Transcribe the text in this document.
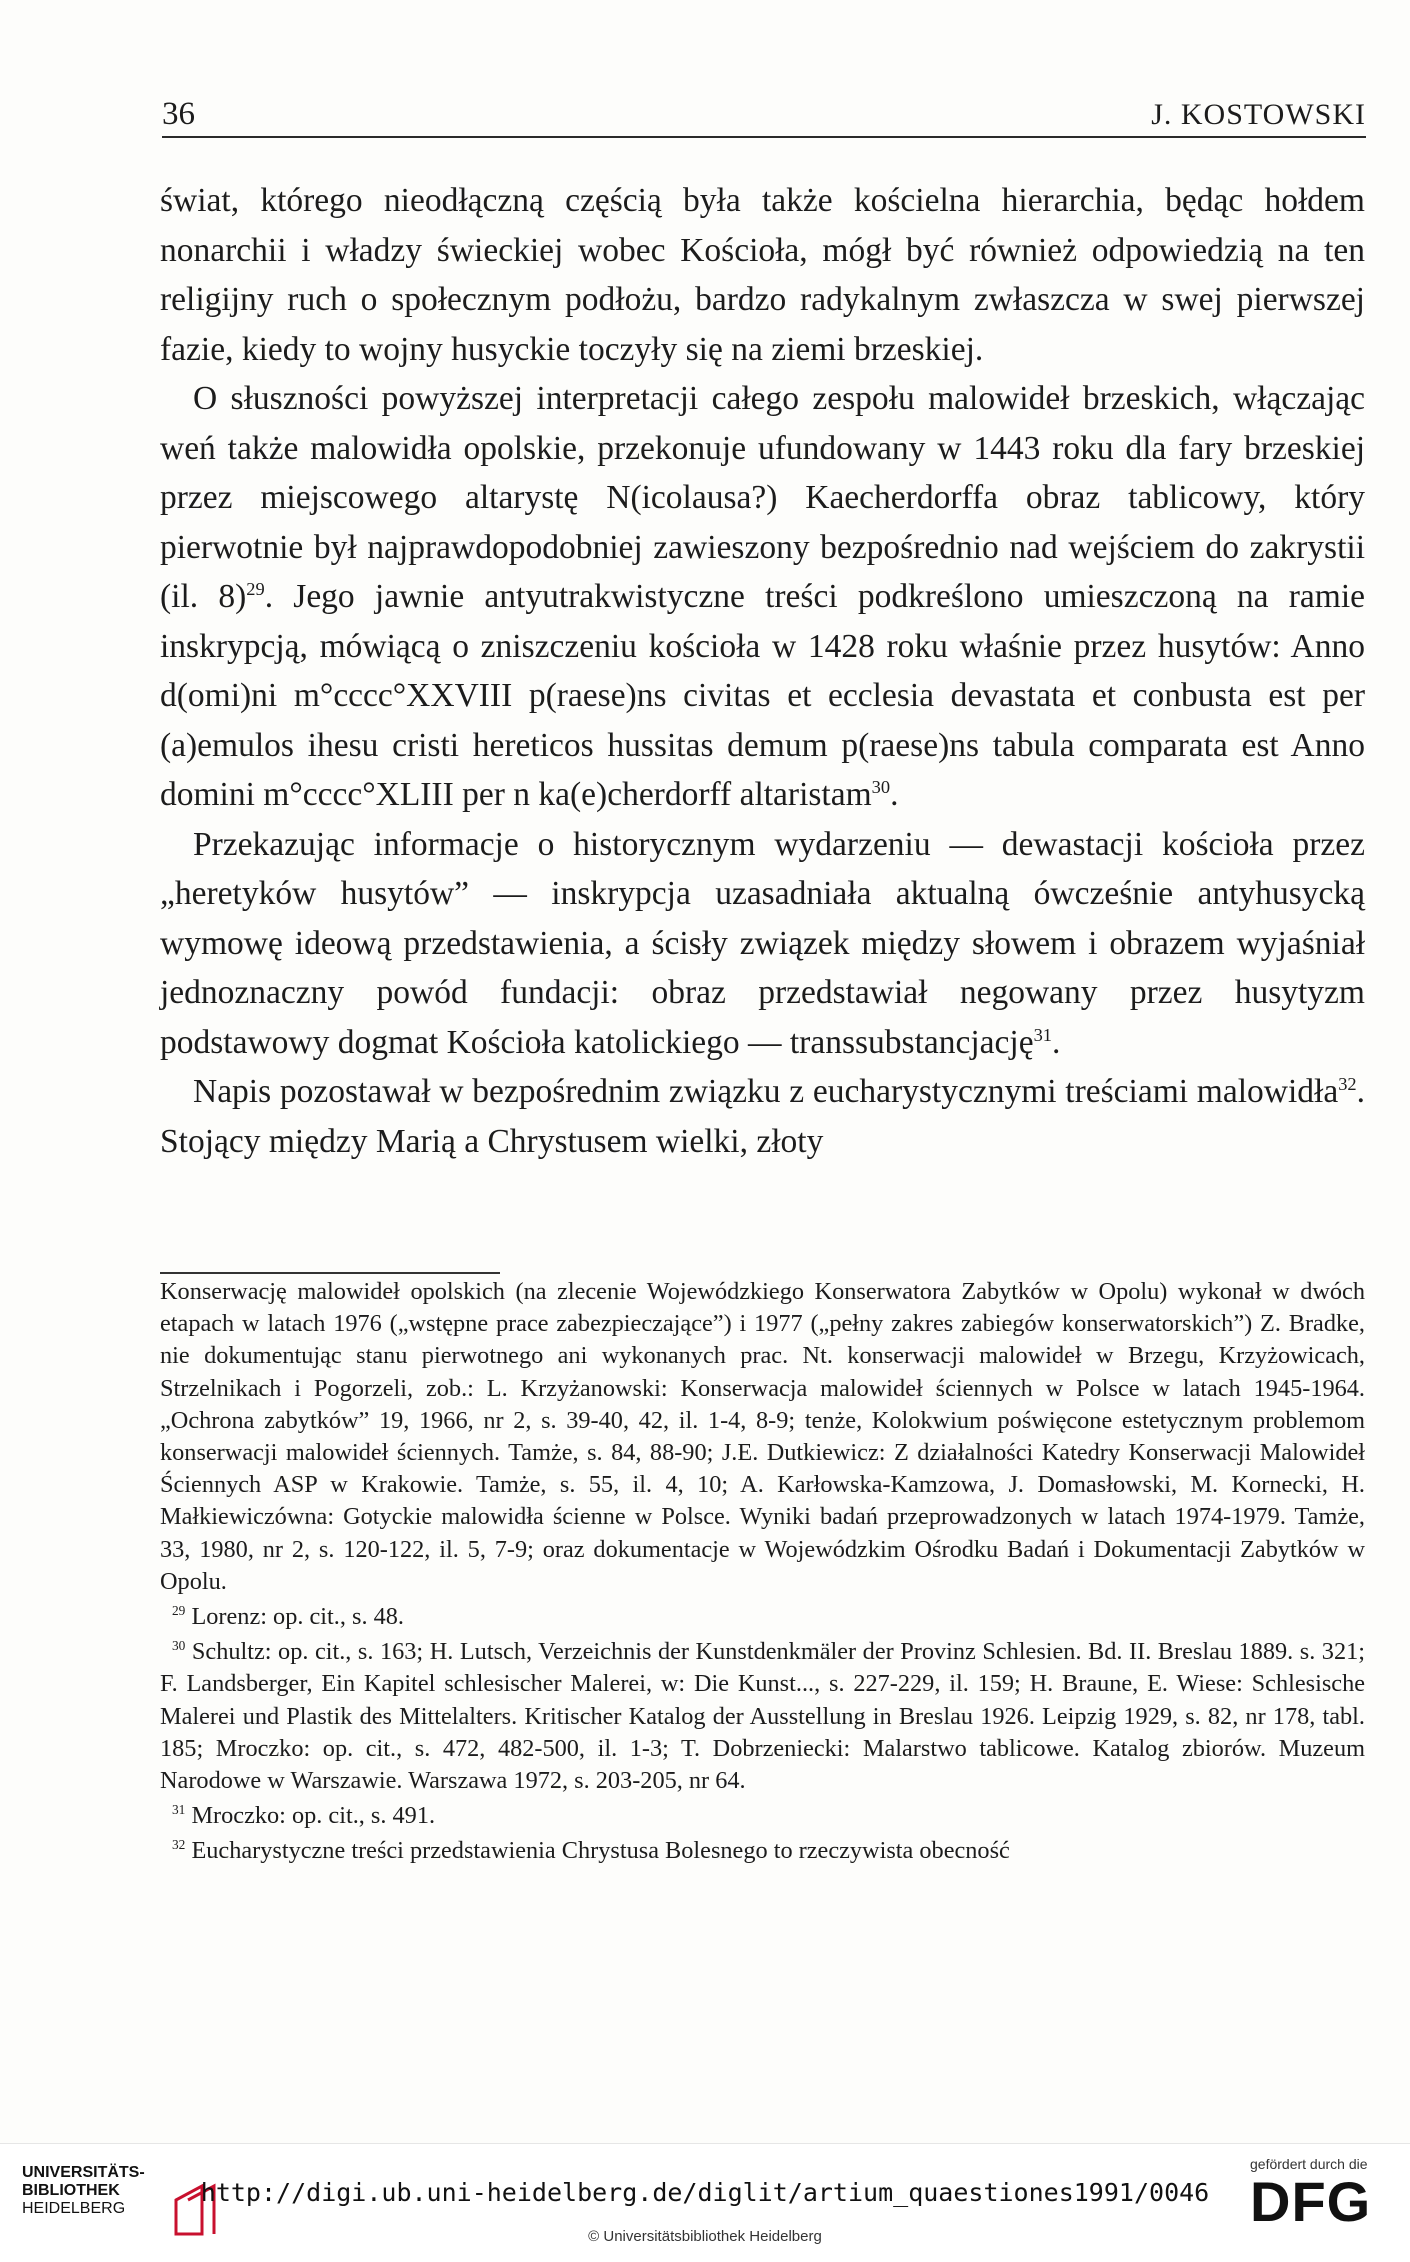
36	J. KOSTOWSKI

świat, którego nieodłączną częścią była także kościelna hierarchia, będąc hołdem nonarchii i władzy świeckiej wobec Kościoła, mógł być również odpowiedzią na ten religijny ruch o społecznym podłożu, bardzo radykalnym zwłaszcza w swej pierwszej fazie, kiedy to wojny husyckie toczyły się na ziemi brzeskiej.

O słuszności powyższej interpretacji całego zespołu malowideł brzeskich, włączając weń także malowidła opolskie, przekonuje ufundowany w 1443 roku dla fary brzeskiej przez miejscowego altarystę N(icolausa?) Kaecherdorffa obraz tablicowy, który pierwotnie był najprawdopodobniej zawieszony bezpośrednio nad wejściem do zakrystii (il. 8)$^{29}$. Jego jawnie antyutrakwistyczne treści podkreślono umieszczoną na ramie inskrypcją, mówiącą o zniszczeniu kościoła w 1428 roku właśnie przez husytów: Anno d(omi)ni m°cccc°XXVIII p(raese)ns civitas et ecclesia devastata et conbusta est per (a)emulos ihesu cristi hereticos hussitas demum p(raese)ns tabula comparata est Anno domini m°cccc°XLIII per n ka(e)cherdorff altaristam$^{30}$.

Przekazując informacje o historycznym wydarzeniu — dewastacji kościoła przez „heretyków husytów” — inskrypcja uzasadniała aktualną ówcześnie antyhusycką wymowę ideową przedstawienia, a ścisły związek między słowem i obrazem wyjaśniał jednoznaczny powód fundacji: obraz przedstawiał negowany przez husytyzm podstawowy dogmat Kościoła katolickiego — transsubstancjację$^{31}$.

Napis pozostawał w bezpośrednim związku z eucharystycznymi treściami malowidła$^{32}$. Stojący między Marią a Chrystusem wielki, złoty

Konserwację malowideł opolskich (na zlecenie Wojewódzkiego Konserwatora Zabytków w Opolu) wykonał w dwóch etapach w latach 1976 („wstępne prace zabezpieczające”) i 1977 („pełny zakres zabiegów konserwatorskich”) Z. Bradke, nie dokumentując stanu pierwotnego ani wykonanych prac. Nt. konserwacji malowideł w Brzegu, Krzyżowicach, Strzelnikach i Pogorzeli, zob.: L. Krzyżanowski: Konserwacja malowideł ściennych w Polsce w latach 1945-1964. „Ochrona zabytków” 19, 1966, nr 2, s. 39-40, 42, il. 1-4, 8-9; tenże, Kolokwium poświęcone estetycznym problemom konserwacji malowideł ściennych. Tamże, s. 84, 88-90; J.E. Dutkiewicz: Z działalności Katedry Konserwacji Malowideł Ściennych ASP w Krakowie. Tamże, s. 55, il. 4, 10; A. Karłowska-Kamzowa, J. Domasłowski, M. Kornecki, H. Małkiewiczówna: Gotyckie malowidła ścienne w Polsce. Wyniki badań przeprowadzonych w latach 1974-1979. Tamże, 33, 1980, nr 2, s. 120-122, il. 5, 7-9; oraz dokumentacje w Wojewódzkim Ośrodku Badań i Dokumentacji Zabytków w Opolu.

$^{29}$ Lorenz: op. cit., s. 48.

$^{30}$ Schultz: op. cit., s. 163; H. Lutsch, Verzeichnis der Kunstdenkmäler der Provinz Schlesien. Bd. II. Breslau 1889. s. 321; F. Landsberger, Ein Kapitel schlesischer Malerei, w: Die Kunst..., s. 227-229, il. 159; H. Braune, E. Wiese: Schlesische Malerei und Plastik des Mittelalters. Kritischer Katalog der Ausstellung in Breslau 1926. Leipzig 1929, s. 82, nr 178, tabl. 185; Mroczko: op. cit., s. 472, 482-500, il. 1-3; T. Dobrzeniecki: Malarstwo tablicowe. Katalog zbiorów. Muzeum Narodowe w Warszawie. Warszawa 1972, s. 203-205, nr 64.

$^{31}$ Mroczko: op. cit., s. 491.

$^{32}$ Eucharystyczne treści przedstawienia Chrystusa Bolesnego to rzeczywista obecność

UNIVERSITÄTS-
BIBLIOTHEK
HEIDELBERG
http://digi.ub.uni-heidelberg.de/diglit/artium_quaestiones1991/0046
© Universitätsbibliothek Heidelberg
gefördert durch die
DFG
